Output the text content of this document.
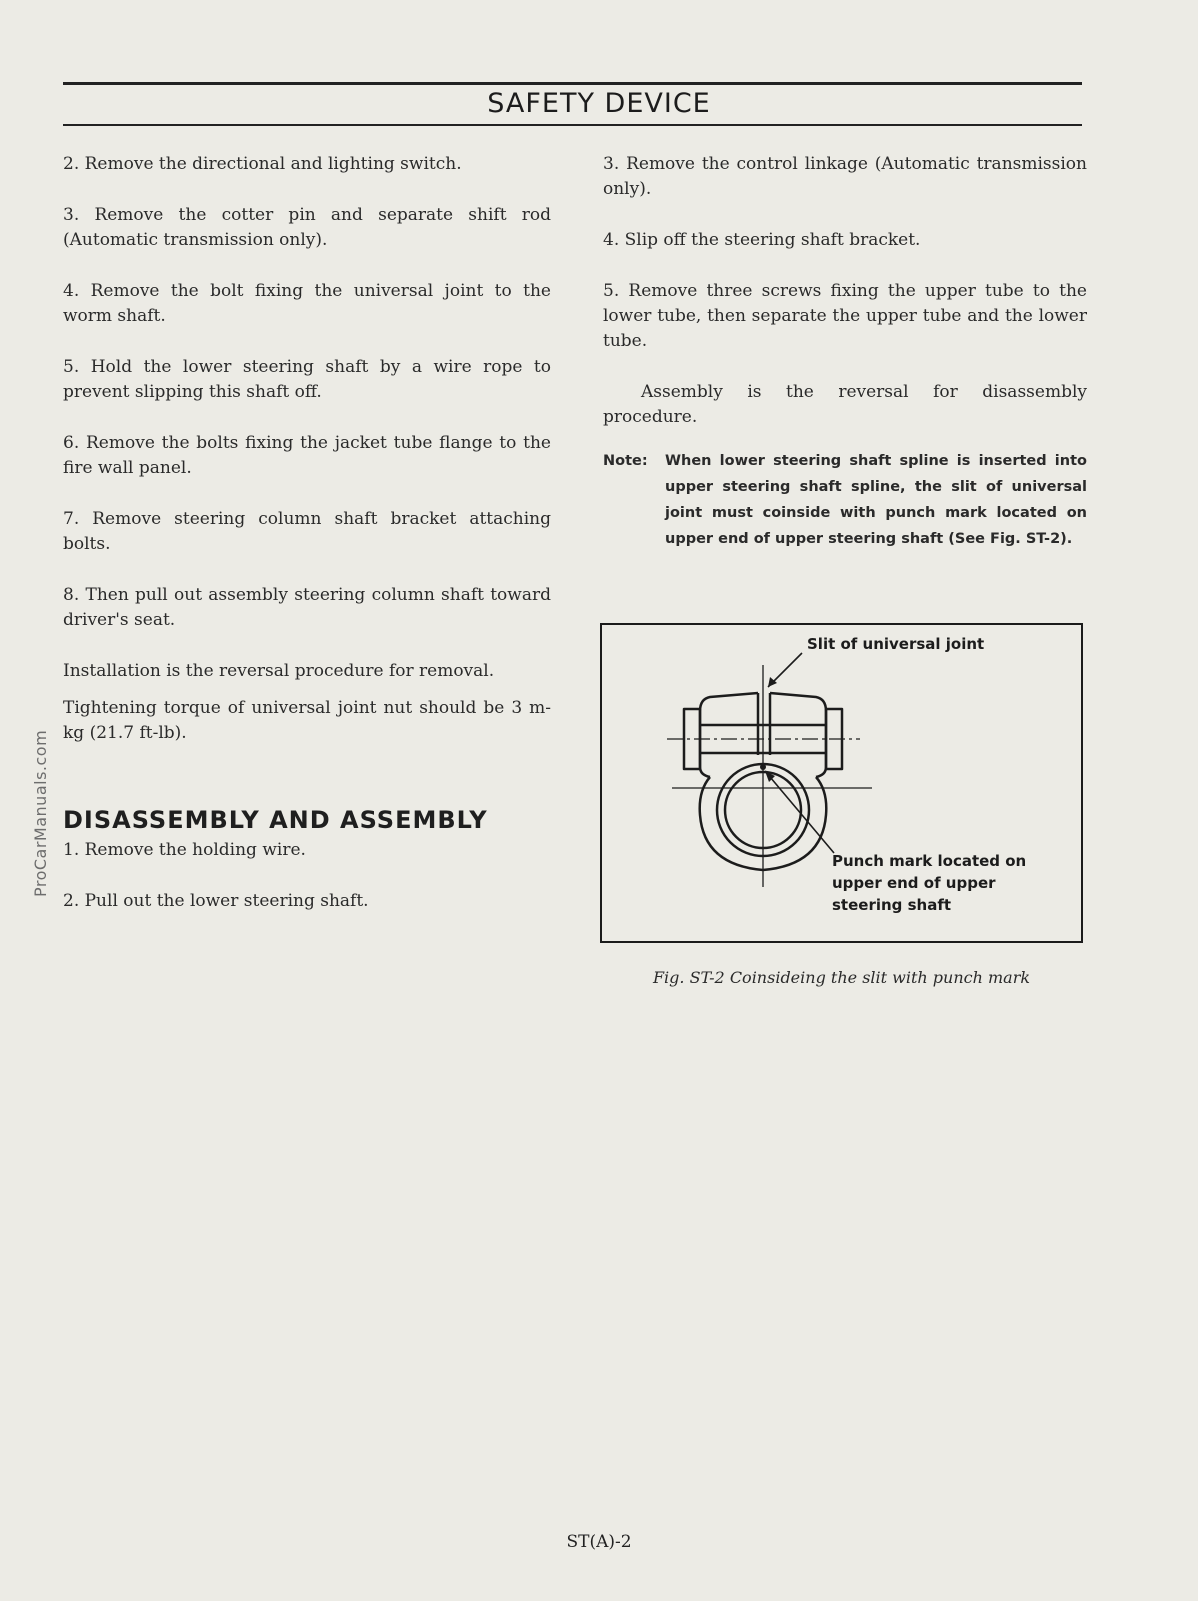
SAFETY DEVICE

2. Remove the directional and lighting switch.

3. Remove the cotter pin and separate shift rod (Automatic transmission only).

4. Remove the bolt fixing the universal joint to the worm shaft.

5. Hold the lower steering shaft by a wire rope to prevent slipping this shaft off.

6. Remove the bolts fixing the jacket tube flange to the fire wall panel.

7. Remove steering column shaft bracket attaching bolts.

8. Then pull out assembly steering column shaft toward driver's seat.

Installation is the reversal procedure for removal.

Tightening torque of universal joint nut should be 3 m-kg (21.7 ft-lb).

DISASSEMBLY AND ASSEMBLY

1. Remove the holding wire.

2. Pull out the lower steering shaft.

3. Remove the control linkage (Automatic transmission only).

4. Slip off the steering shaft bracket.

5. Remove three screws fixing the upper tube to the lower tube, then separate the upper tube and the lower tube.

Assembly is the reversal for disassembly procedure.

Note:	When lower steering shaft spline is inserted into upper steering shaft spline, the slit of universal joint must coinside with punch mark located on upper end of upper steering shaft (See Fig. ST-2).
Slit of universal joint
Punch mark located on upper end of upper steering shaft
Fig. ST-2 Coinsideing the slit with punch mark
ST(A)-2
ProCarManuals.com
